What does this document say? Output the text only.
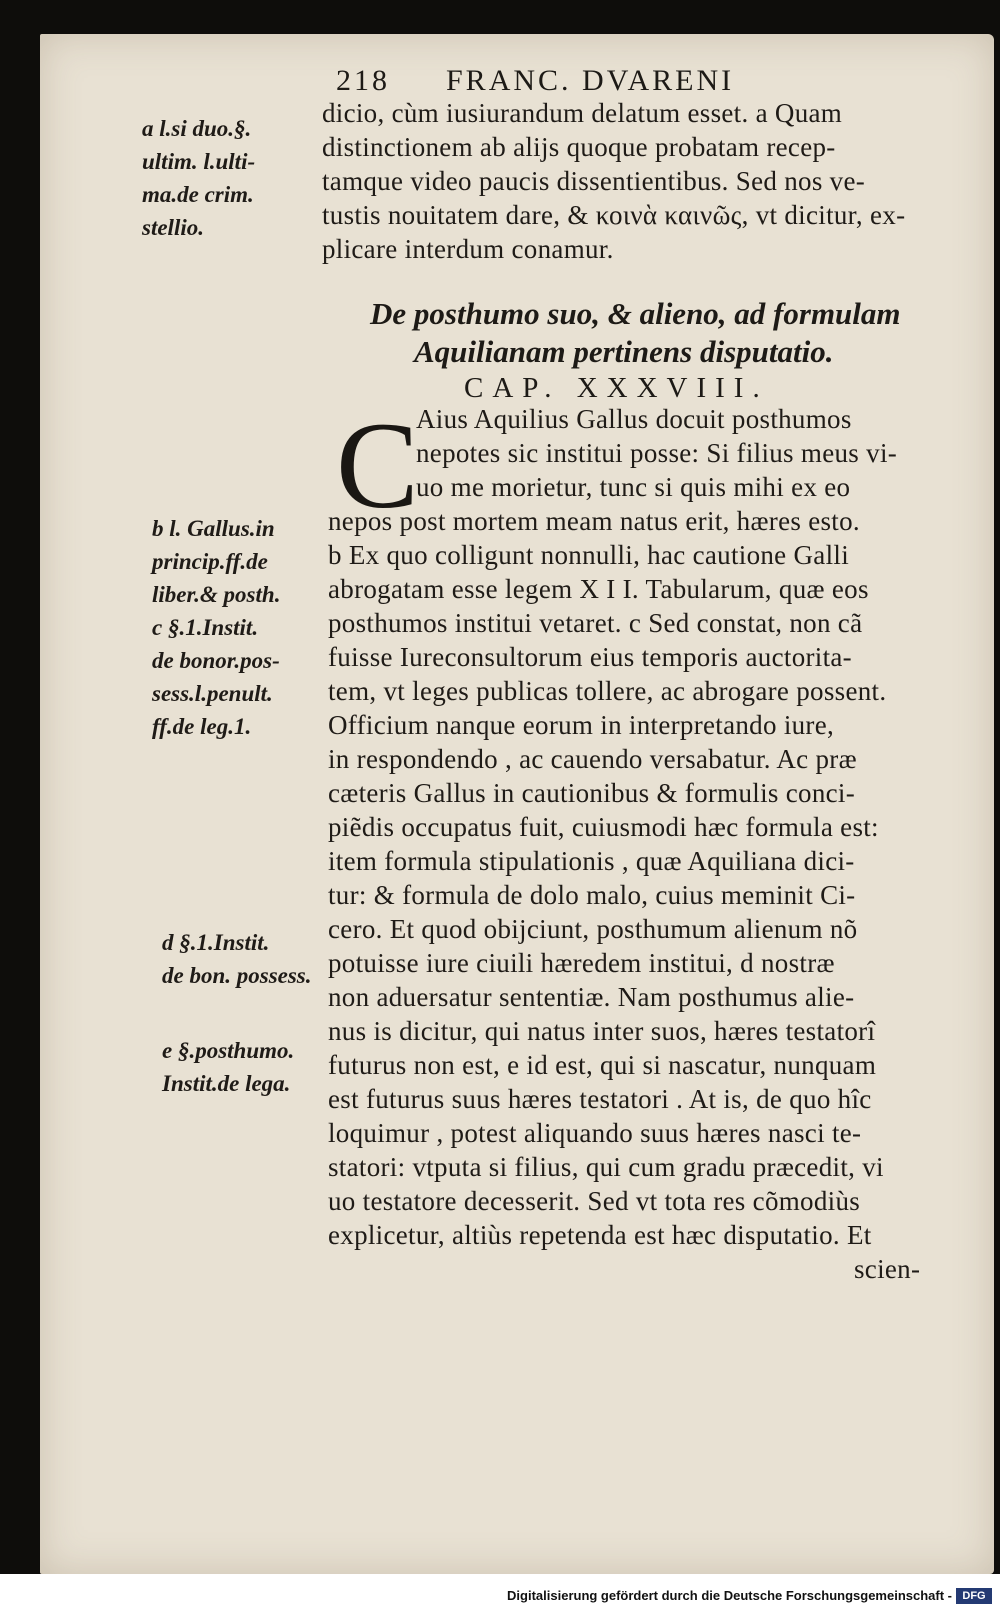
218 FRANC. DVARENI
a l.si duo.§.
ultim. l.ulti-
ma.de crim.
stellio.
b l. Gallus.in
princip.ff.de
liber.& posth.
c §.1.Instit.
de bonor.pos-
sess.l.penult.
ff.de leg.1.
d §.1.Instit.
de bon. possess.
e §.posthumo.
Instit.de lega.
dicio, cùm iusiurandum delatum esset. a Quam
distinctionem ab alijs quoque probatam recep-
tamque video paucis dissentientibus. Sed nos ve-
tustis nouitatem dare, & κοινὰ καινῶς, vt dicitur, ex-
plicare interdum conamur.
De posthumo suo, & alieno, ad formulam
Aquilianam pertinens disputatio.
CAP. XXXVIII.
C
Aius Aquilius Gallus docuit posthumos
nepotes sic institui posse: Si filius meus vi-
uo me morietur, tunc si quis mihi ex eo
nepos post mortem meam natus erit, hæres esto.
b Ex quo colligunt nonnulli, hac cautione Galli
abrogatam esse legem X I I. Tabularum, quæ eos
posthumos institui vetaret. c Sed constat, non cã
fuisse Iureconsultorum eius temporis auctorita-
tem, vt leges publicas tollere, ac abrogare possent.
Officium nanque eorum in interpretando iure,
in respondendo , ac cauendo versabatur. Ac præ
cæteris Gallus in cautionibus & formulis conci-
piẽdis occupatus fuit, cuiusmodi hæc formula est:
item formula stipulationis , quæ Aquiliana dici-
tur: & formula de dolo malo, cuius meminit Ci-
cero. Et quod obijciunt, posthumum alienum nõ
potuisse iure ciuili hæredem institui, d nostræ
non aduersatur sententiæ. Nam posthumus alie-
nus is dicitur, qui natus inter suos, hæres testatorî
futurus non est, e id est, qui si nascatur, nunquam
est futurus suus hæres testatori . At is, de quo hîc
loquimur , potest aliquando suus hæres nasci te-
statori: vtputa si filius, qui cum gradu præcedit, vi
uo testatore decesserit. Sed vt tota res cõmodiùs
explicetur, altiùs repetenda est hæc disputatio. Et
scien-
Digitalisierung gefördert durch die Deutsche Forschungsgemeinschaft - DFG
